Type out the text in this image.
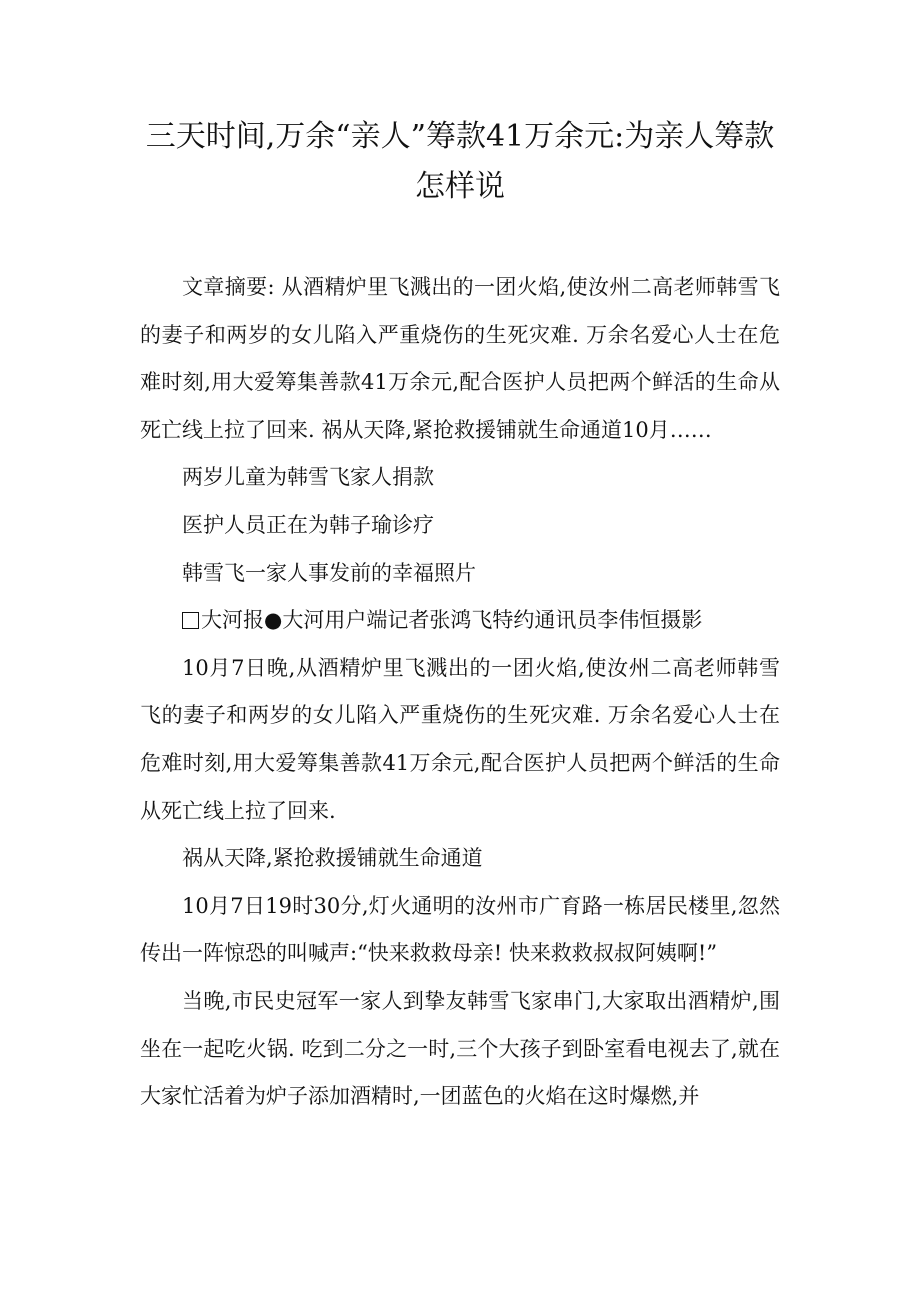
三天时间,万余“亲人”筹款41万余元:为亲人筹款怎样说

文章摘要: 从酒精炉里飞溅出的一团火焰,使汝州二高老师韩雪飞的妻子和两岁的女儿陷入严重烧伤的生死灾难. 万余名爱心人士在危难时刻,用大爱筹集善款41万余元,配合医护人员把两个鲜活的生命从死亡线上拉了回来. 祸从天降,紧抢救援铺就生命通道10月……

两岁儿童为韩雪飞家人捐款

医护人员正在为韩子瑜诊疗

韩雪飞一家人事发前的幸福照片

大河报●大河用户端记者张鸿飞特约通讯员李伟恒摄影

10月7日晚,从酒精炉里飞溅出的一团火焰,使汝州二高老师韩雪飞的妻子和两岁的女儿陷入严重烧伤的生死灾难. 万余名爱心人士在危难时刻,用大爱筹集善款41万余元,配合医护人员把两个鲜活的生命从死亡线上拉了回来.

祸从天降,紧抢救援铺就生命通道

10月7日19时30分,灯火通明的汝州市广育路一栋居民楼里,忽然传出一阵惊恐的叫喊声:“快来救救母亲! 快来救救叔叔阿姨啊!”

当晚,市民史冠军一家人到挚友韩雪飞家串门,大家取出酒精炉,围坐在一起吃火锅. 吃到二分之一时,三个大孩子到卧室看电视去了,就在大家忙活着为炉子添加酒精时,一团蓝色的火焰在这时爆燃,并
